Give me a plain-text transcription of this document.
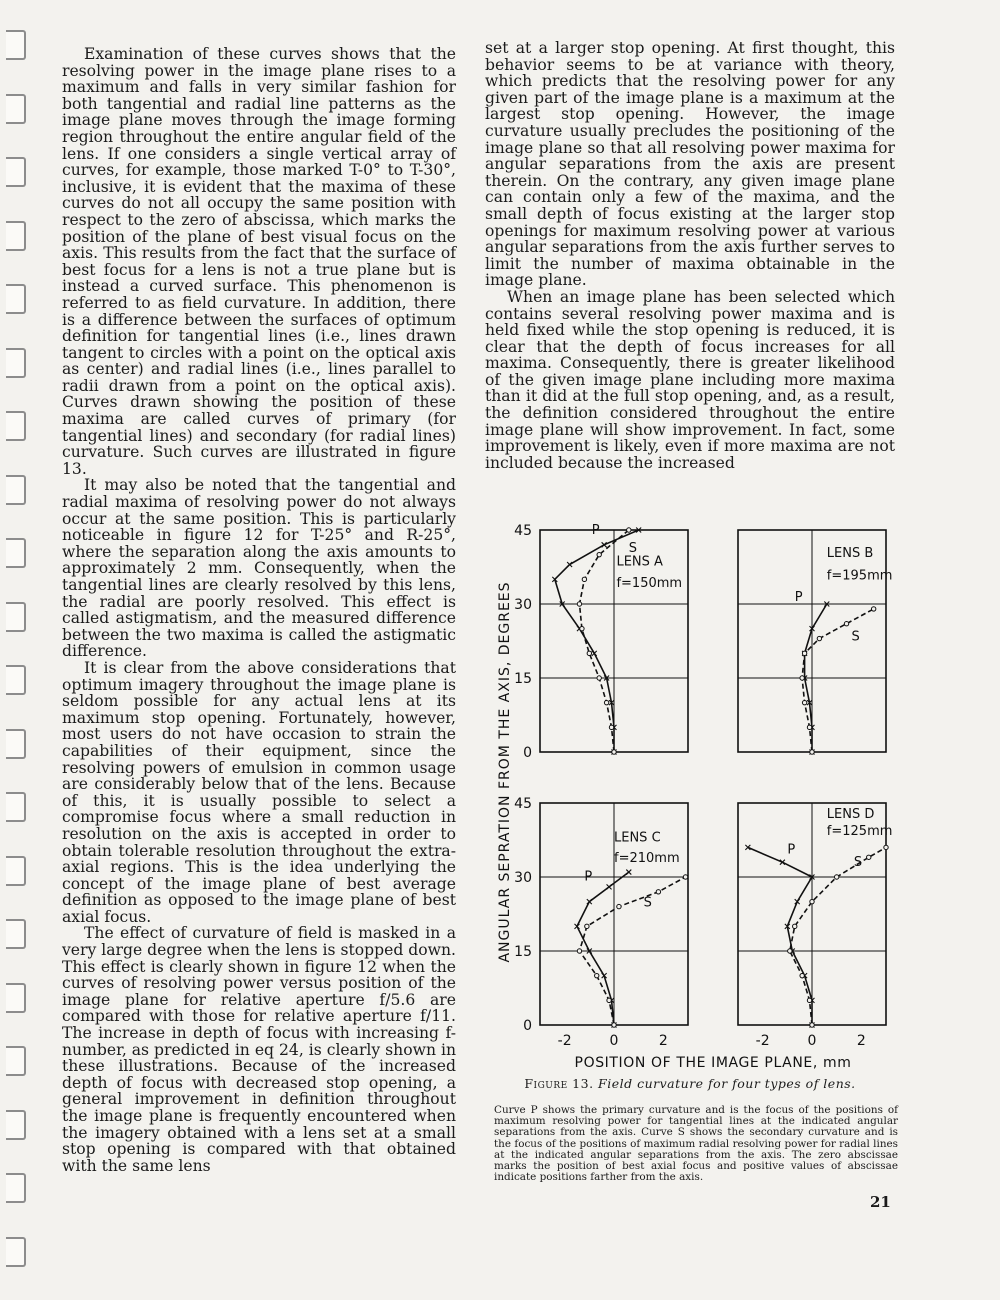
Examination of these curves shows that the resolving power in the image plane rises to a maximum and falls in very similar fashion for both tangential and radial line patterns as the image plane moves through the image forming region throughout the entire angular field of the lens. If one considers a single vertical array of curves, for example, those marked T-0° to T-30°, inclusive, it is evident that the maxima of these curves do not all occupy the same position with respect to the zero of abscissa, which marks the position of the plane of best visual focus on the axis. This results from the fact that the surface of best focus for a lens is not a true plane but is instead a curved surface. This phenomenon is referred to as field curvature. In addition, there is a difference between the surfaces of optimum definition for tangential lines (i.e., lines drawn tangent to circles with a point on the optical axis as center) and radial lines (i.e., lines parallel to radii drawn from a point on the optical axis). Curves drawn showing the position of these maxima are called curves of primary (for tangential lines) and secondary (for radial lines) curvature. Such curves are illustrated in figure 13.

It may also be noted that the tangential and radial maxima of resolving power do not always occur at the same position. This is particularly noticeable in figure 12 for T-25° and R-25°, where the separation along the axis amounts to approximately 2 mm. Consequently, when the tangential lines are clearly resolved by this lens, the radial are poorly resolved. This effect is called astigmatism, and the measured difference between the two maxima is called the astigmatic difference.

It is clear from the above considerations that optimum imagery throughout the image plane is seldom possible for any actual lens at its maximum stop opening. Fortunately, however, most users do not have occasion to strain the capabilities of their equipment, since the resolving powers of emulsion in common usage are considerably below that of the lens. Because of this, it is usually possible to select a compromise focus where a small reduction in resolution on the axis is accepted in order to obtain tolerable resolution throughout the extra-axial regions. This is the idea underlying the concept of the image plane of best average definition as opposed to the image plane of best axial focus.

The effect of curvature of field is masked in a very large degree when the lens is stopped down. This effect is clearly shown in figure 12 when the curves of resolving power versus position of the image plane for relative aperture f/5.6 are compared with those for relative aperture f/11. The increase in depth of focus with increasing f-number, as predicted in eq 24, is clearly shown in these illustrations. Because of the increased depth of focus with decreased stop opening, a general improvement in definition throughout the image plane is frequently encountered when the imagery obtained with a lens set at a small stop opening is compared with that obtained with the same lens

set at a larger stop opening. At first thought, this behavior seems to be at variance with theory, which predicts that the resolving power for any given part of the image plane is a maximum at the largest stop opening. However, the image curvature usually precludes the positioning of the image plane so that all resolving power maxima for angular separations from the axis are present therein. On the contrary, any given image plane can contain only a few of the maxima, and the small depth of focus existing at the larger stop openings for maximum resolving power at various angular separations from the axis further serves to limit the number of maxima obtainable in the image plane.

When an image plane has been selected which contains several resolving power maxima and is held fixed while the stop opening is reduced, it is clear that the depth of focus increases for all maxima. Consequently, there is greater likelihood of the given image plane including more maxima than it did at the full stop opening, and, as a result, the definition considered throughout the entire image plane will show improvement. In fact, some improvement is likely, even if more maxima are not included because the increased

P
S
LENS A
f=150mm
0
15
30
45
P
S
LENS B
f=195mm
P
S
LENS C
f=210mm
0
15
30
45
-2	0	2
P
S
LENS D
f=125mm
-2	0	2
ANGULAR SEPRATION FROM THE AXIS, DEGREES
POSITION OF THE IMAGE PLANE, mm
Figure 13. Field curvature for four types of lens.
Curve P shows the primary curvature and is the focus of the positions of maximum resolving power for tangential lines at the indicated angular separations from the axis. Curve S shows the secondary curvature and is the focus of the positions of maximum radial resolving power for radial lines at the indicated angular separations from the axis. The zero abscissae marks the position of best axial focus and positive values of abscissae indicate positions farther from the axis.
21
